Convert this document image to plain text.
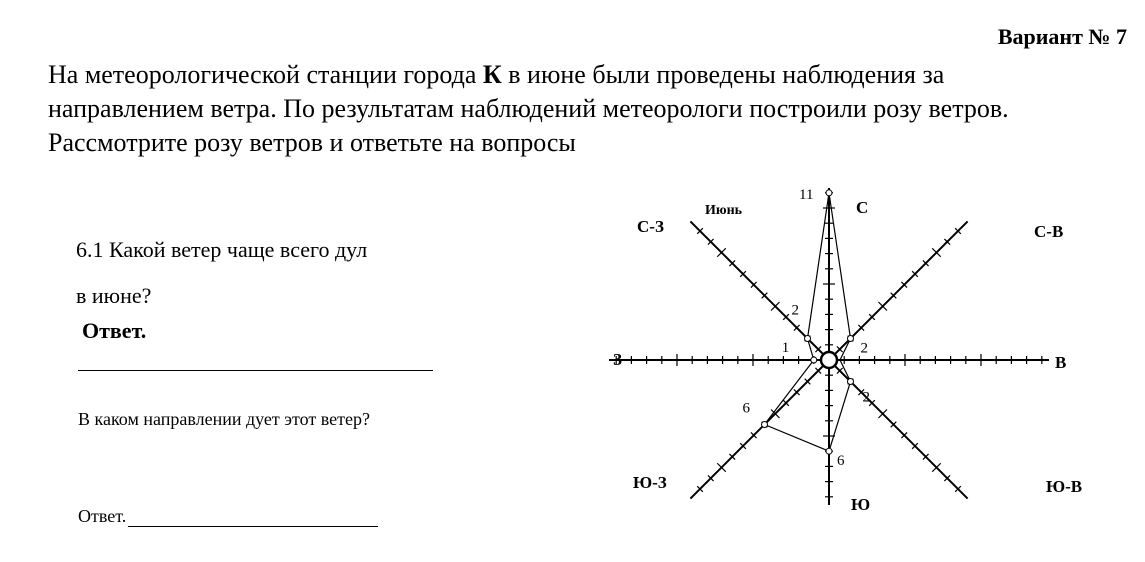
Вариант № 7
На метеорологической станции города К в июне были проведены наблюдения за направлением ветра. По результатам наблюдений метеорологи построили розу ветров. Рассмотрите розу ветров и ответьте на вопросы
6.1 Какой ветер чаще всего дул
в июне?
Ответ.
В каком направлении дует этот ветер?
Ответ.
11
С
2
С-В
В
2
Ю-В
6
Ю
6
Ю-З
1
З
2
С-З
Июнь
